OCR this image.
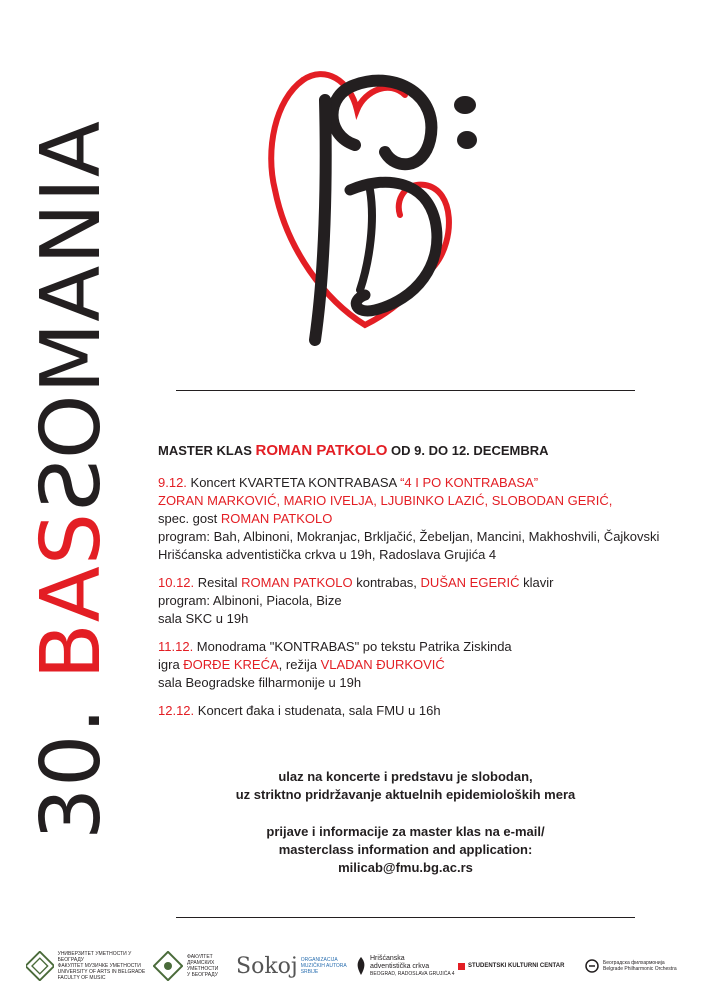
30. BASSOMANIA	MASTER KLAS ROMAN PATKOLO OD 9. DO 12. DECEMBRA

9.12. Koncert KVARTETA KONTRABASA “4 I PO KONTRABASA”

ZORAN MARKOVIĆ, MARIO IVELJA, LJUBINKO LAZIĆ, SLOBODAN GERIĆ,

spec. gost ROMAN PATKOLO

program: Bah, Albinoni, Mokranjac, Brkljačić, Žebeljan, Mancini, Makhoshvili, Čajkovski

Hrišćanska adventistička crkva u 19h, Radoslava Grujića 4

10.12. Resital ROMAN PATKOLO kontrabas, DUŠAN EGERIĆ klavir

program: Albinoni, Piacola, Bize

sala SKC u 19h

11.12. Monodrama "KONTRABAS" po tekstu Patrika Ziskinda

igra ĐORĐE KREĆA, režija VLADAN ĐURKOVIĆ

sala Beogradske filharmonije u 19h

12.12. Koncert đaka i studenata, sala FMU u 16h

ulaz na koncerte i predstavu je slobodan,
uz striktno pridržavanje aktuelnih epidemioloških mera
prijave i informacije za master klas na e-mail/
masterclass information and application:
milicab@fmu.bg.ac.rs
УНИВЕРЗИТЕТ УМЕТНОСТИ У БЕОГРАДУ
ФАКУЛТЕТ МУЗИЧКЕ УМЕТНОСТИ
UNIVERSITY OF ARTS IN BELGRADE
FACULTY OF MUSIC
ФАКУЛТЕТ
ДРАМСКИХ
УМЕТНОСТИ
У БЕОГРАДУ Sokoj ORGANIZACIJA
MUZIČKIH AUTORA
SRBIJE
Hrišćanska
adventistička crkva
BEOGRAD, RADOSLAVA GRUJIĆA 4
STUDENTSKI KULTURNI CENTAR	Београдска филхармонија
Belgrade Philharmonic Orchestra
